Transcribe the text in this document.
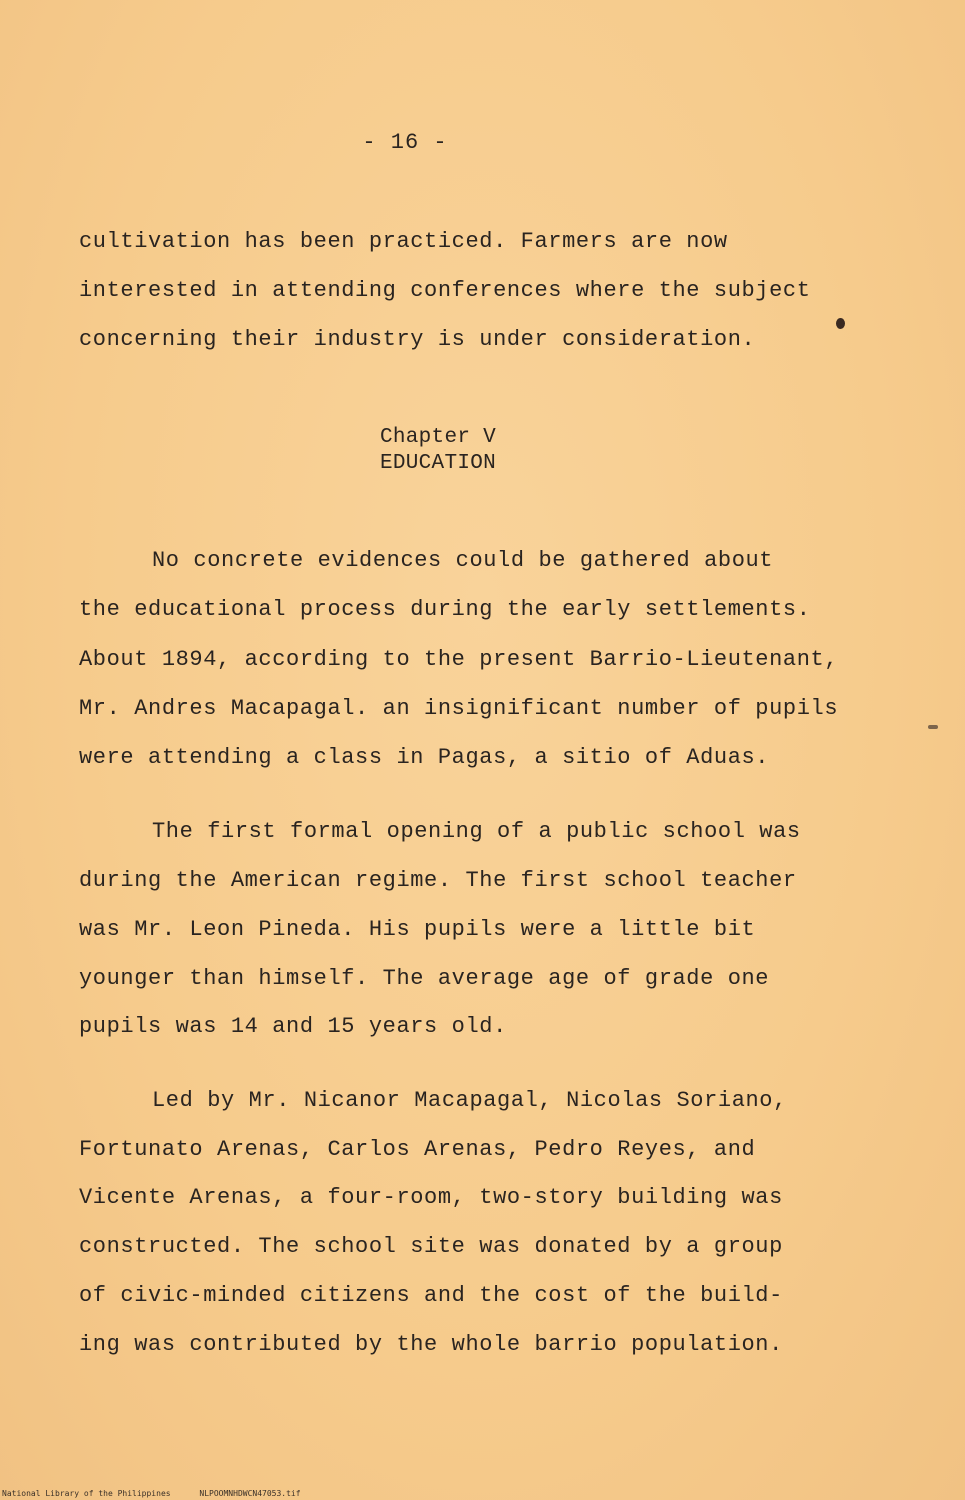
- 16 -
cultivation has been practiced. Farmers are now
interested in attending conferences where the subject
concerning their industry is under consideration.
Chapter V
EDUCATION
No concrete evidences could be gathered about
the educational process during the early settlements.
About 1894, according to the present Barrio-Lieutenant,
Mr. Andres Macapagal. an insignificant number of pupils
were attending a class in Pagas, a sitio of Aduas.
The first formal opening of a public school was
during the American regime. The first school teacher
was Mr. Leon Pineda. His pupils were a little bit
younger than himself. The average age of grade one
pupils was 14 and 15 years old.
Led by Mr. Nicanor Macapagal, Nicolas Soriano,
Fortunato Arenas, Carlos Arenas, Pedro Reyes, and
Vicente Arenas, a four-room, two-story building was
constructed. The school site was donated by a group
of civic-minded citizens and the cost of the build-
ing was contributed by the whole barrio population.
National Library of the Philippines	NLPOOMNHDWCN47053.tif
